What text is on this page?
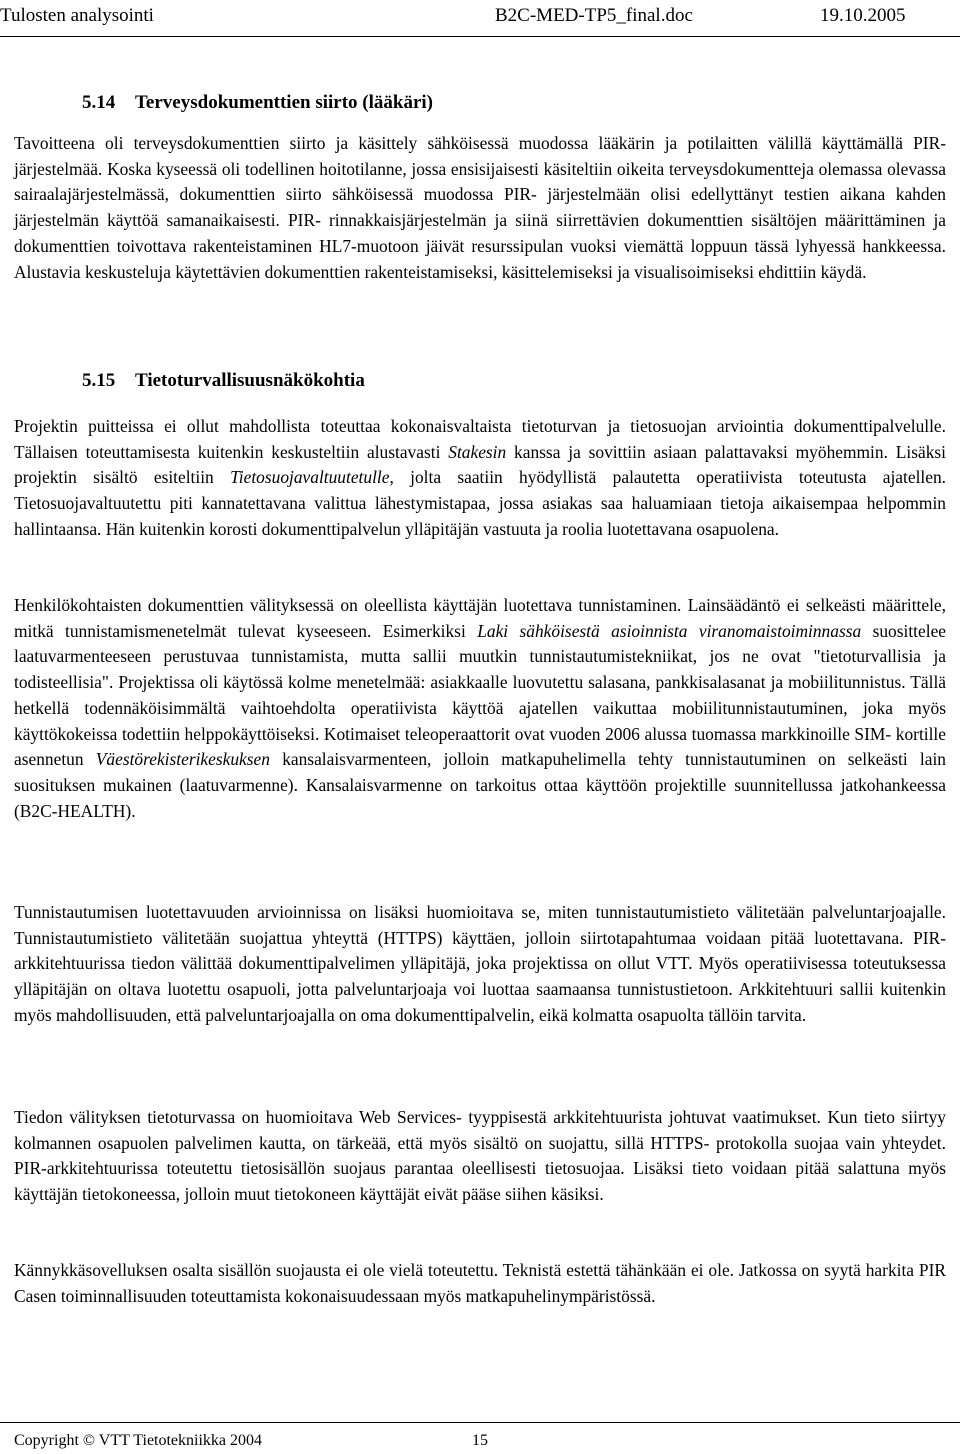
Tulosten analysointi	B2C-MED-TP5_final.doc	19.10.2005
5.14 Terveysdokumenttien siirto (lääkäri)
Tavoitteena oli terveysdokumenttien siirto ja käsittely sähköisessä muodossa lääkärin ja potilaitten välillä käyttämällä PIR- järjestelmää. Koska kyseessä oli todellinen hoitotilanne, jossa ensisijaisesti käsiteltiin oikeita terveysdokumentteja olemassa olevassa sairaalajärjestelmässä, dokumenttien siirto sähköisessä muodossa PIR- järjestelmään olisi edellyttänyt testien aikana kahden järjestelmän käyttöä samanaikaisesti. PIR- rinnakkaisjärjestelmän ja siinä siirrettävien dokumenttien sisältöjen määrittäminen ja dokumenttien toivottava rakenteistaminen HL7-muotoon jäivät resurssipulan vuoksi viemättä loppuun tässä lyhyessä hankkeessa. Alustavia keskusteluja käytettävien dokumenttien rakenteistamiseksi, käsittelemiseksi ja visualisoimiseksi ehdittiin käydä.
5.15 Tietoturvallisuusnäkökohtia
Projektin puitteissa ei ollut mahdollista toteuttaa kokonaisvaltaista tietoturvan ja tietosuojan arviointia dokumenttipalvelulle. Tällaisen toteuttamisesta kuitenkin keskusteltiin alustavasti Stakesin kanssa ja sovittiin asiaan palattavaksi myöhemmin. Lisäksi projektin sisältö esiteltiin Tietosuojavaltuutetulle, jolta saatiin hyödyllistä palautetta operatiivista toteutusta ajatellen. Tietosuojavaltuutettu piti kannatettavana valittua lähestymistapaa, jossa asiakas saa haluamiaan tietoja aikaisempaa helpommin hallintaansa. Hän kuitenkin korosti dokumenttipalvelun ylläpitäjän vastuuta ja roolia luotettavana osapuolena.
Henkilökohtaisten dokumenttien välityksessä on oleellista käyttäjän luotettava tunnistaminen. Lainsäädäntö ei selkeästi määrittele, mitkä tunnistamismenetelmät tulevat kyseeseen. Esimerkiksi Laki sähköisestä asioinnista viranomaistoiminnassa suosittelee laatuvarmenteeseen perustuvaa tunnistamista, mutta sallii muutkin tunnistautumistekniikat, jos ne ovat "tietoturvallisia ja todisteellisia". Projektissa oli käytössä kolme menetelmää: asiakkaalle luovutettu salasana, pankkisalasanat ja mobiilitunnistus. Tällä hetkellä todennäköisimmältä vaihtoehdolta operatiivista käyttöä ajatellen vaikuttaa mobiilitunnistautuminen, joka myös käyttökokeissa todettiin helppokäyttöiseksi. Kotimaiset teleoperaattorit ovat vuoden 2006 alussa tuomassa markkinoille SIM- kortille asennetun Väestörekisterikeskuksen kansalaisvarmenteen, jolloin matkapuhelimella tehty tunnistautuminen on selkeästi lain suosituksen mukainen (laatuvarmenne). Kansalaisvarmenne on tarkoitus ottaa käyttöön projektille suunnitellussa jatkohankeessa (B2C-HEALTH).
Tunnistautumisen luotettavuuden arvioinnissa on lisäksi huomioitava se, miten tunnistautumistieto välitetään palveluntarjoajalle. Tunnistautumistieto välitetään suojattua yhteyttä (HTTPS) käyttäen, jolloin siirtotapahtumaa voidaan pitää luotettavana. PIR-arkkitehtuurissa tiedon välittää dokumenttipalvelimen ylläpitäjä, joka projektissa on ollut VTT. Myös operatiivisessa toteutuksessa ylläpitäjän on oltava luotettu osapuoli, jotta palveluntarjoaja voi luottaa saamaansa tunnistustietoon. Arkkitehtuuri sallii kuitenkin myös mahdollisuuden, että palveluntarjoajalla on oma dokumenttipalvelin, eikä kolmatta osapuolta tällöin tarvita.
Tiedon välityksen tietoturvassa on huomioitava Web Services- tyyppisestä arkkitehtuurista johtuvat vaatimukset. Kun tieto siirtyy kolmannen osapuolen palvelimen kautta, on tärkeää, että myös sisältö on suojattu, sillä HTTPS- protokolla suojaa vain yhteydet. PIR-arkkitehtuurissa toteutettu tietosisällön suojaus parantaa oleellisesti tietosuojaa. Lisäksi tieto voidaan pitää salattuna myös käyttäjän tietokoneessa, jolloin muut tietokoneen käyttäjät eivät pääse siihen käsiksi.
Kännykkäsovelluksen osalta sisällön suojausta ei ole vielä toteutettu. Teknistä estettä tähänkään ei ole. Jatkossa on syytä harkita PIR Casen toiminnallisuuden toteuttamista kokonaisuudessaan myös matkapuhelinympäristössä.
Copyright © VTT Tietotekniikka 2004	15
